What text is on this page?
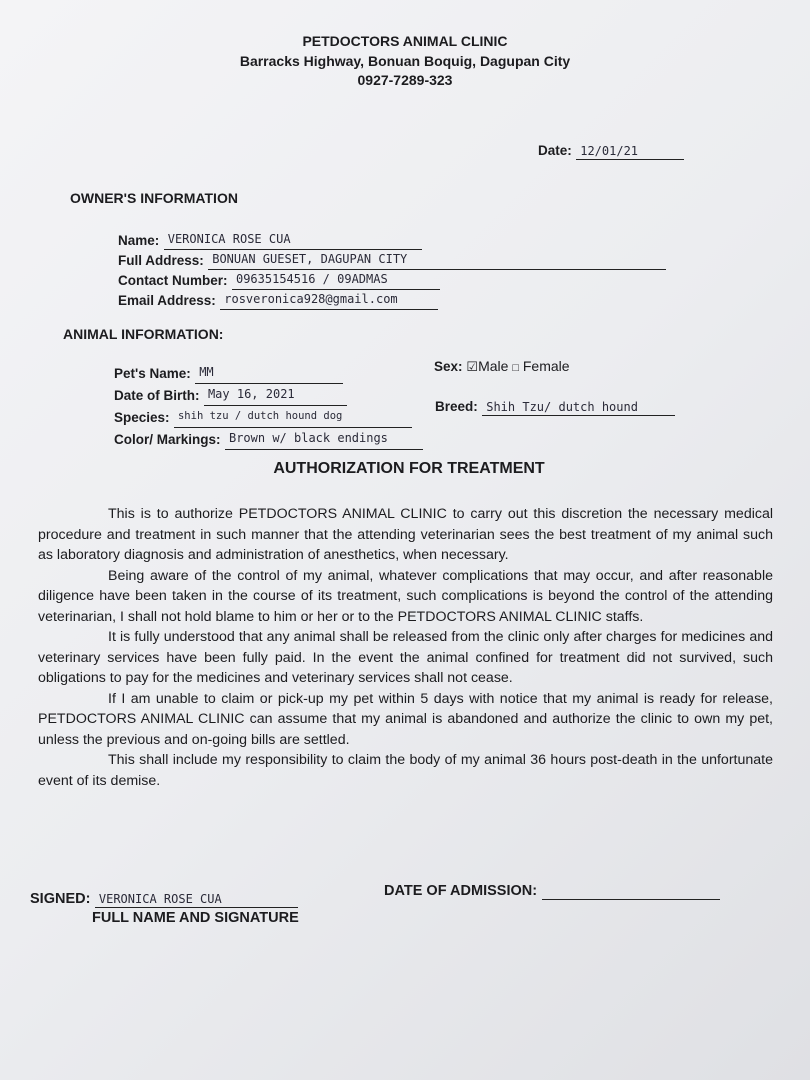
PETDOCTORS ANIMAL CLINIC
Barracks Highway, Bonuan Boquig, Dagupan City
0927-7289-323
Date: 12/01/21
OWNER'S INFORMATION
Name: VERONICA ROSE CUA
Full Address: BONUAN GUESET, DAGUPAN CITY
Contact Number: 09635154516 / 09ADMAS
Email Address: rosveronica928@gmail.com
ANIMAL INFORMATION:
Pet's Name: MM
Date of Birth: May 16, 2021
Species: shih tzu / dutch hound dog
Color/ Markings: Brown w/ black endings
Sex: ☑Male □ Female
Breed: Shih Tzu/ dutch hound
AUTHORIZATION FOR TREATMENT

This is to authorize PETDOCTORS ANIMAL CLINIC to carry out this discretion the necessary medical procedure and treatment in such manner that the attending veterinarian sees the best treatment of my animal such as laboratory diagnosis and administration of anesthetics, when necessary.

Being aware of the control of my animal, whatever complications that may occur, and after reasonable diligence have been taken in the course of its treatment, such complications is beyond the control of the attending veterinarian, I shall not hold blame to him or her or to the PETDOCTORS ANIMAL CLINIC staffs.

It is fully understood that any animal shall be released from the clinic only after charges for medicines and veterinary services have been fully paid. In the event the animal confined for treatment did not survived, such obligations to pay for the medicines and veterinary services shall not cease.

If I am unable to claim or pick-up my pet within 5 days with notice that my animal is ready for release, PETDOCTORS ANIMAL CLINIC can assume that my animal is abandoned and authorize the clinic to own my pet, unless the previous and on-going bills are settled.

This shall include my responsibility to claim the body of my animal 36 hours post-death in the unfortunate event of its demise.

SIGNED: VERONICA ROSE CUA
FULL NAME AND SIGNATURE
DATE OF ADMISSION:
